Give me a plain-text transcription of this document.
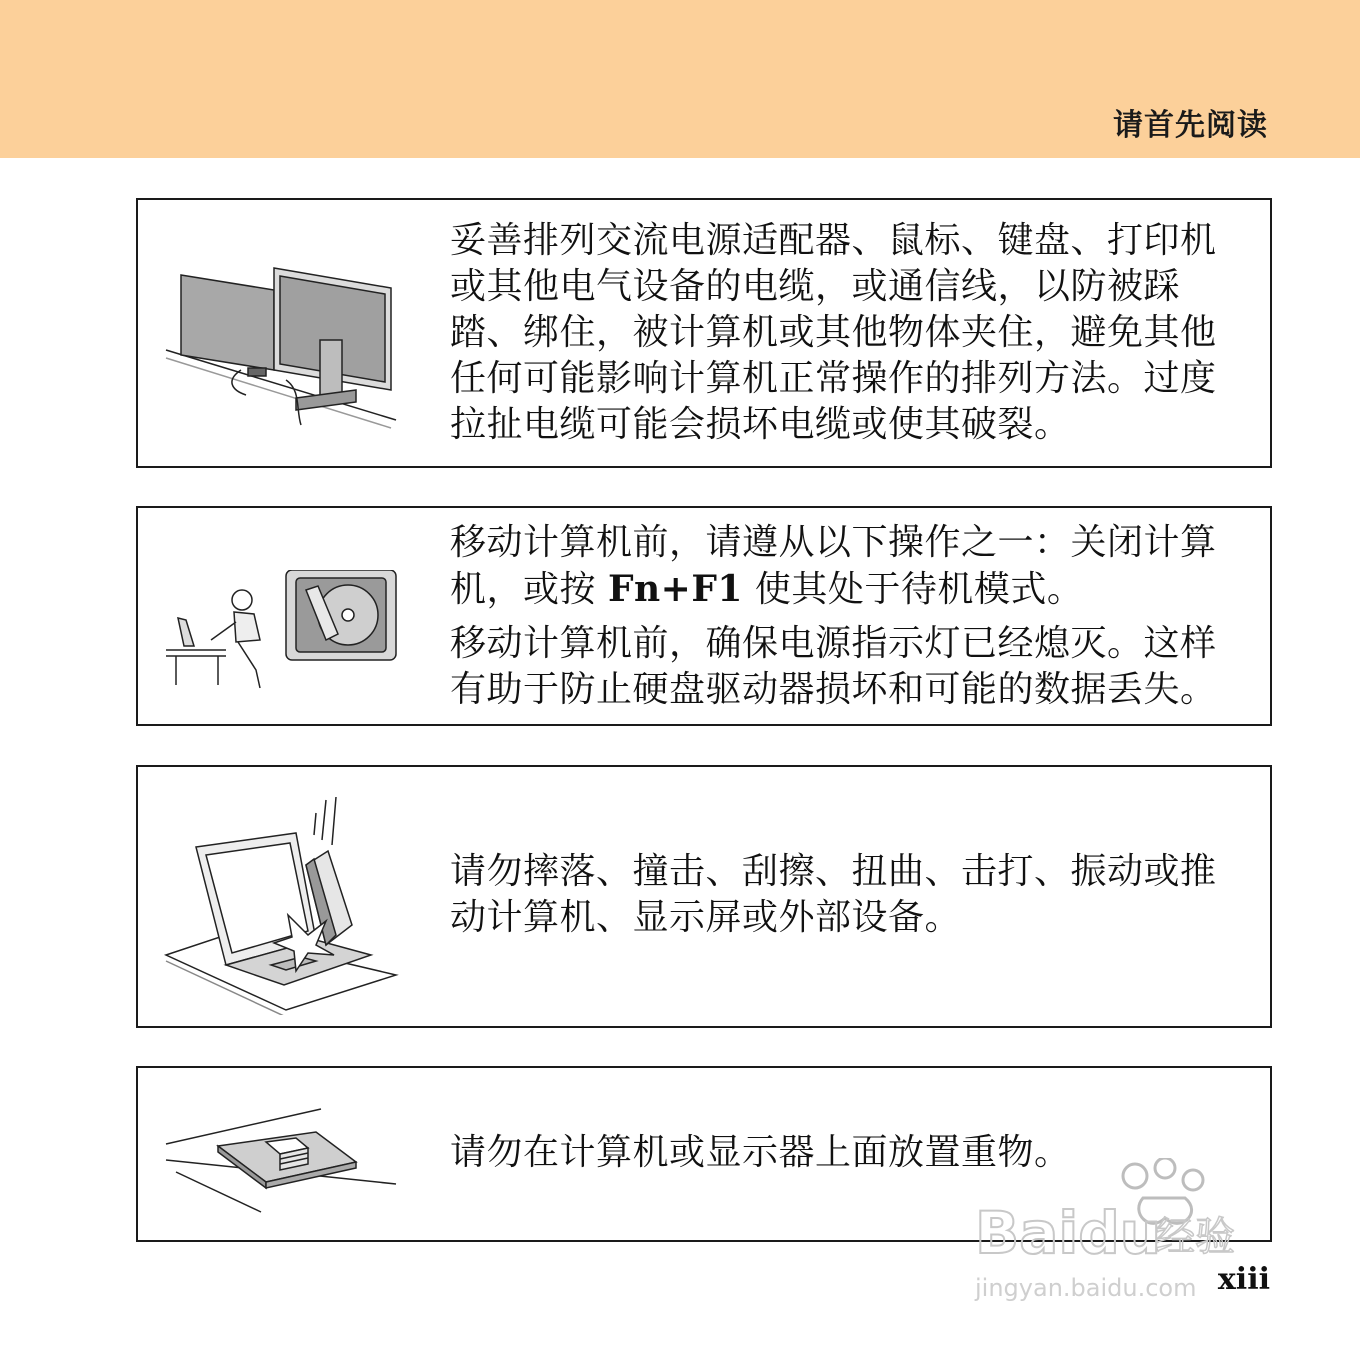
请首先阅读

妥善排列交流电源适配器、鼠标、键盘、打印机或其他电气设备的电缆，或通信线，以防被踩踏、绑住，被计算机或其他物体夹住，避免其他任何可能影响计算机正常操作的排列方法。过度拉扯电缆可能会损坏电缆或使其破裂。

移动计算机前，请遵从以下操作之一：关闭计算机，或按 Fn+F1 使其处于待机模式。

移动计算机前，确保电源指示灯已经熄灭。这样有助于防止硬盘驱动器损坏和可能的数据丢失。

请勿摔落、撞击、刮擦、扭曲、击打、振动或推动计算机、显示屏或外部设备。

请勿在计算机或显示器上面放置重物。

Baidu
经验
jingyan.baidu.com xiii
